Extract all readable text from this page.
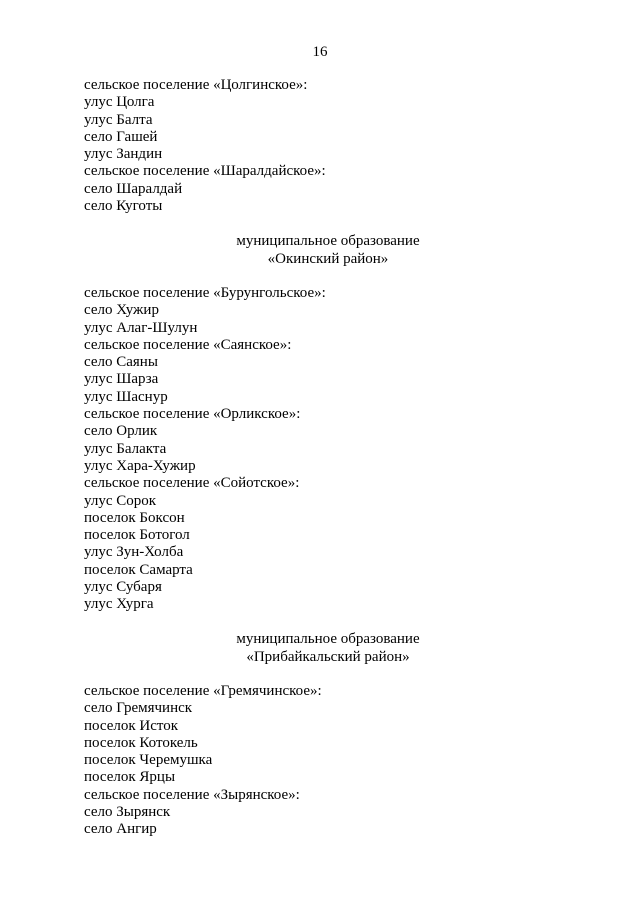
16
сельское поселение «Цолгинское»:
улус Цолга
улус Балта
село Гашей
улус Зандин
сельское поселение «Шаралдайское»:
село Шаралдай
село Куготы
муниципальное образование
«Окинский район»
сельское поселение «Бурунгольское»:
село Хужир
улус Алаг-Шулун
сельское поселение «Саянское»:
село Саяны
улус Шарза
улус Шаснур
сельское поселение «Орликское»:
село Орлик
улус Балакта
улус Хара-Хужир
сельское поселение «Сойотское»:
улус Сорок
поселок Боксон
поселок Ботогол
улус Зун-Холба
поселок Самарта
улус Субаря
улус Хурга
муниципальное образование
«Прибайкальский район»
сельское поселение «Гремячинское»:
село Гремячинск
поселок Исток
поселок Котокель
поселок Черемушка
поселок Ярцы
сельское поселение «Зырянское»:
село Зырянск
село Ангир
